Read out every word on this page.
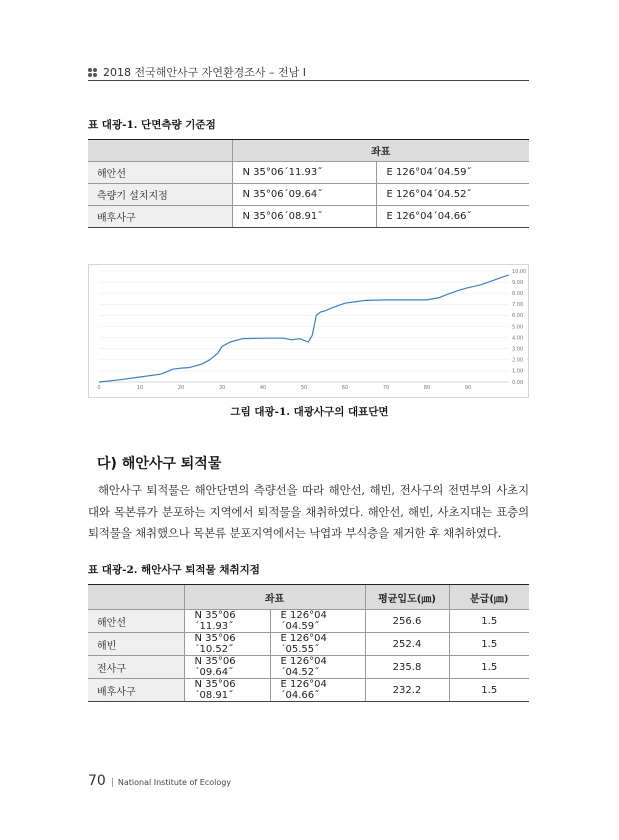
2018 전국해안사구 자연환경조사 – 전남 I
표 대광-1. 단면측량 기준점
	좌표	
해안선	N 35°06´11.93˝	E 126°04´04.59˝
측량기 설치지점	N 35°06´09.64˝	E 126°04´04.52˝
배후사구	N 35°06´08.91˝	E 126°04´04.66˝
0.00
1.00
2.00
3.00
4.00
5.00
6.00
7.00
8.00
9.00
10.00
0	10	20	30	40	50	60	70	80	90
그림 대광-1. 대광사구의 대표단면
다) 해안사구 퇴적물

해안사구 퇴적물은 해안단면의 측량선을 따라 해안선, 해빈, 전사구의 전면부의 사초지대와 목본류가 분포하는 지역에서 퇴적물을 채취하였다. 해안선, 해빈, 사초지대는 표층의 퇴적물을 채취했으나 목본류 분포지역에서는 낙엽과 부식층을 제거한 후 채취하였다.

표 대광-2. 해안사구 퇴적물 채취지점
	좌표		평균입도(㎛)	분급(㎛)
해안선	N 35°06´11.93˝	E 126°04´04.59˝	256.6	1.5
해빈	N 35°06´10.52˝	E 126°04´05.55˝	252.4	1.5
전사구	N 35°06´09.64˝	E 126°04´04.52˝	235.8	1.5
배후사구	N 35°06´08.91˝	E 126°04´04.66˝	232.2	1.5
70 | National Institute of Ecology
